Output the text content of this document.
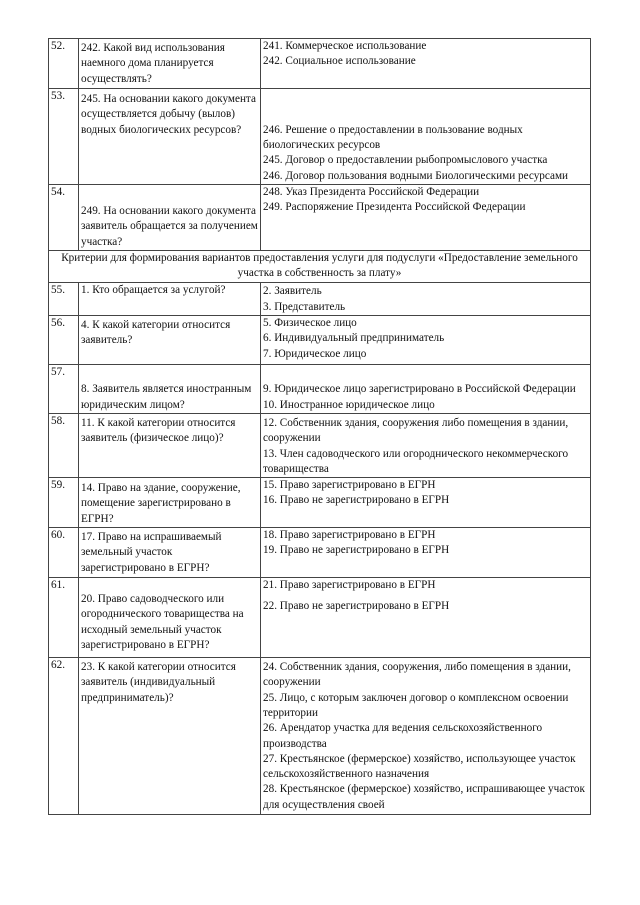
52.	242. Какой вид использования наемного дома планируется осуществлять?	241. Коммерческое использование

242. Социальное использование

53.	245. На основании какого документа осуществляется добычу (вылов) водных биологических ресурсов?	246. Решение о предоставлении в пользование водных биологических ресурсов

245. Договор о предоставлении рыбопромыслового участка

246. Договор пользования водными Биологическими ресурсами

54.	249. На основании какого документа заявитель обращается за получением участка?	248. Указ Президента Российской Федерации

249. Распоряжение Президента Российской Федерации

Критерии для формирования вариантов предоставления услуги для подуслуги «Предоставление земельного участка в собственность за плату»		
55.	1. Кто обращается за услугой?	2. Заявитель

3. Представитель

56.	4. К какой категории относится заявитель?	5. Физическое лицо

6. Индивидуальный предприниматель

7. Юридическое лицо

57.	8. Заявитель является иностранным юридическим лицом?	9. Юридическое лицо зарегистрировано в Российской Федерации

10. Иностранное юридическое лицо

58.	11. К какой категории относится заявитель (физическое лицо)?	12. Собственник здания, сооружения либо помещения в здании, сооружении

13. Член садоводческого или огороднического некоммерческого товарищества

59.	14. Право на здание, сооружение, помещение зарегистрировано в ЕГРН?	15. Право зарегистрировано в ЕГРН

16. Право не зарегистрировано в ЕГРН

60.	17. Право на испрашиваемый земельный участок зарегистрировано в ЕГРН?	18. Право зарегистрировано в ЕГРН

19. Право не зарегистрировано в ЕГРН

61.	20. Право садоводческого или огороднического товарищества на исходный земельный участок зарегистрировано в ЕГРН?	21. Право зарегистрировано в ЕГРН

22. Право не зарегистрировано в ЕГРН

62.	23. К какой категории относится заявитель (индивидуальный предприниматель)?	24. Собственник здания, сооружения, либо помещения в здании, сооружении

25. Лицо, с которым заключен договор о комплексном освоении территории

26. Арендатор участка для ведения сельскохозяйственного производства

27. Крестьянское (фермерское) хозяйство, использующее участок сельскохозяйственного назначения

28. Крестьянское (фермерское) хозяйство, испрашивающее участок для осуществления своей
